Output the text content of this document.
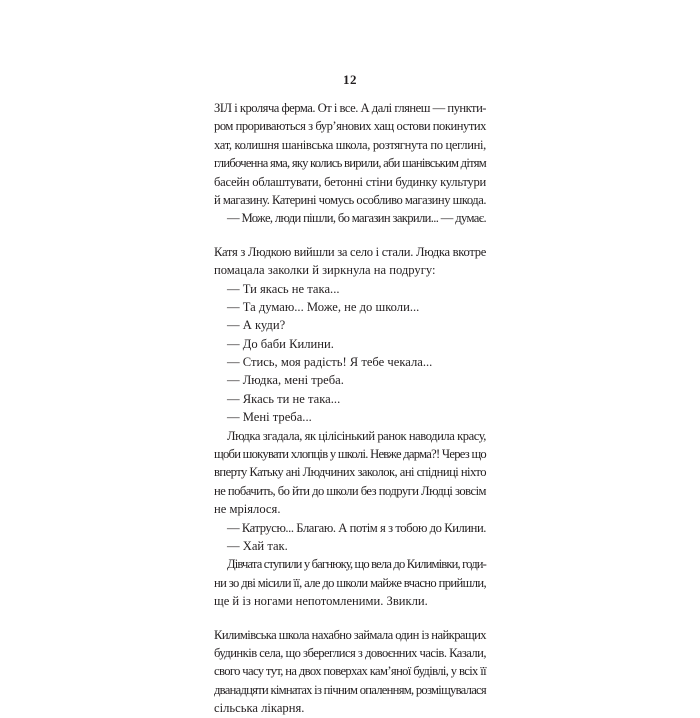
12
ЗІЛ і кроляча ферма. От і все. А далі глянеш — пункти-
ром прориваються з бур’янових хащ остови покинутих
хат, колишня шанівська школа, розтягнута по цеглині,
глибоченна яма, яку колись вирили, аби шанівським дітям
басейн облаштувати, бетонні стіни будинку культури
й магазину. Катерині чомусь особливо магазину шкода.
— Може, люди пішли, бо магазин закрили... — думає.
Катя з Людкою вийшли за село і стали. Людка вкотре
помацала заколки й зиркнула на подругу:
— Ти якась не така...
— Та думаю... Може, не до школи...
— А куди?
— До баби Килини.
— Стись, моя радість! Я тебе чекала...
— Людка, мені треба.
— Якась ти не така...
— Мені треба...
Людка згадала, як цілісінький ранок наводила красу,
щоби шокувати хлопців у школі. Невже дарма?! Через що
вперту Катьку ані Людчиних заколок, ані спідниці ніхто
не побачить, бо йти до школи без подруги Людці зовсім
не мріялося.
— Катрусю... Благаю. А потім я з тобою до Килини.
— Хай так.
Дівчата ступили у багнюку, що вела до Килимівки, годи-
ни зо дві місили її, але до школи майже вчасно прийшли,
ще й із ногами непотомленими. Звикли.
Килимівська школа нахабно займала один із найкращих
будинків села, що збереглися з довоєнних часів. Казали,
свого часу тут, на двох поверхах кам’яної будівлі, у всіх її
дванадцяти кімнатах із пічним опаленням, розміщувалася
сільська лікарня.
